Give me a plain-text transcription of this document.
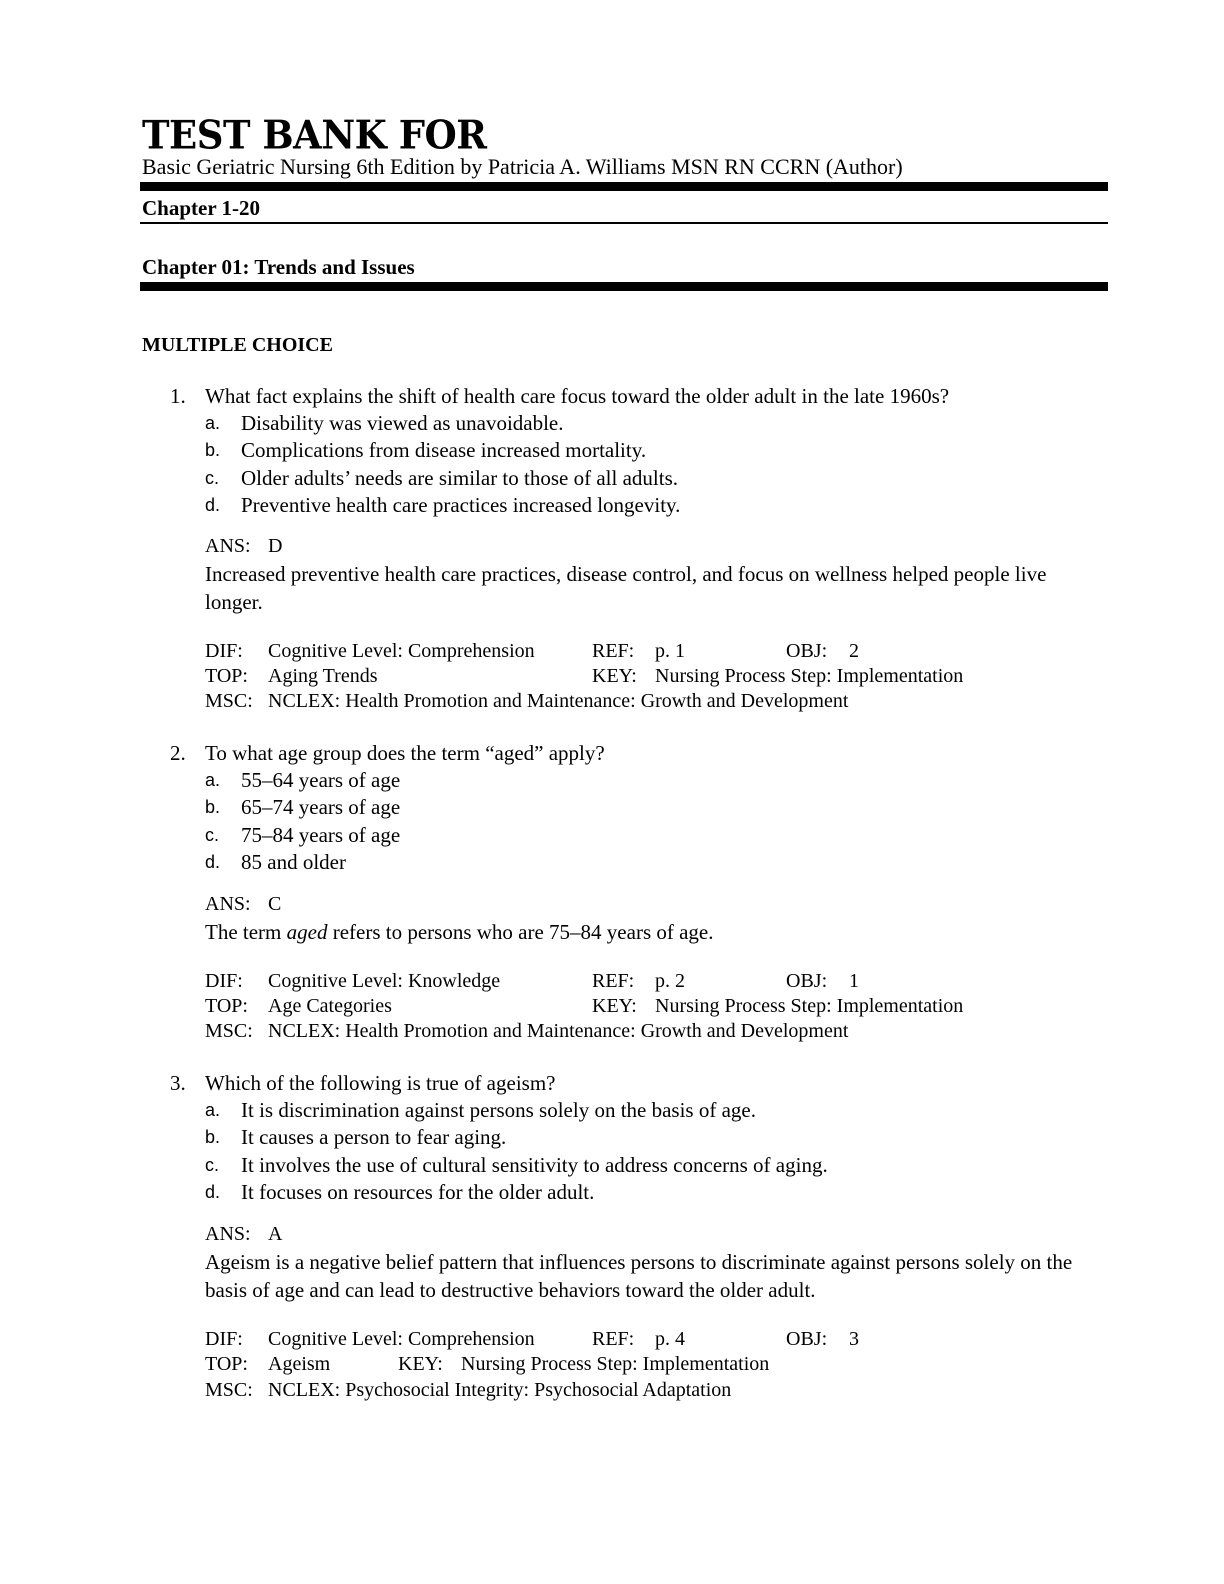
TEST BANK FOR
Basic Geriatric Nursing 6th Edition by Patricia A. Williams MSN RN CCRN (Author)
Chapter 1-20
Chapter 01: Trends and Issues
MULTIPLE CHOICE
1. What fact explains the shift of health care focus toward the older adult in the late 1960s?
a. Disability was viewed as unavoidable.
b. Complications from disease increased mortality.
c. Older adults’ needs are similar to those of all adults.
d. Preventive health care practices increased longevity.
ANS: D
Increased preventive health care practices, disease control, and focus on wellness helped people live longer.
DIF: Cognitive Level: Comprehension	REF: p. 1	OBJ: 2
TOP: Aging Trends	KEY: Nursing Process Step: Implementation
MSC: NCLEX: Health Promotion and Maintenance: Growth and Development
2. To what age group does the term “aged” apply?
a. 55–64 years of age
b. 65–74 years of age
c. 75–84 years of age
d. 85 and older
ANS: C
The term aged refers to persons who are 75–84 years of age.
DIF: Cognitive Level: Knowledge	REF: p. 2	OBJ: 1
TOP: Age Categories	KEY: Nursing Process Step: Implementation
MSC: NCLEX: Health Promotion and Maintenance: Growth and Development
3. Which of the following is true of ageism?
a. It is discrimination against persons solely on the basis of age.
b. It causes a person to fear aging.
c. It involves the use of cultural sensitivity to address concerns of aging.
d. It focuses on resources for the older adult.
ANS: A
Ageism is a negative belief pattern that influences persons to discriminate against persons solely on the basis of age and can lead to destructive behaviors toward the older adult.
DIF: Cognitive Level: Comprehension	REF: p. 4	OBJ: 3
TOP: Ageism	KEY: Nursing Process Step: Implementation
MSC: NCLEX: Psychosocial Integrity: Psychosocial Adaptation
